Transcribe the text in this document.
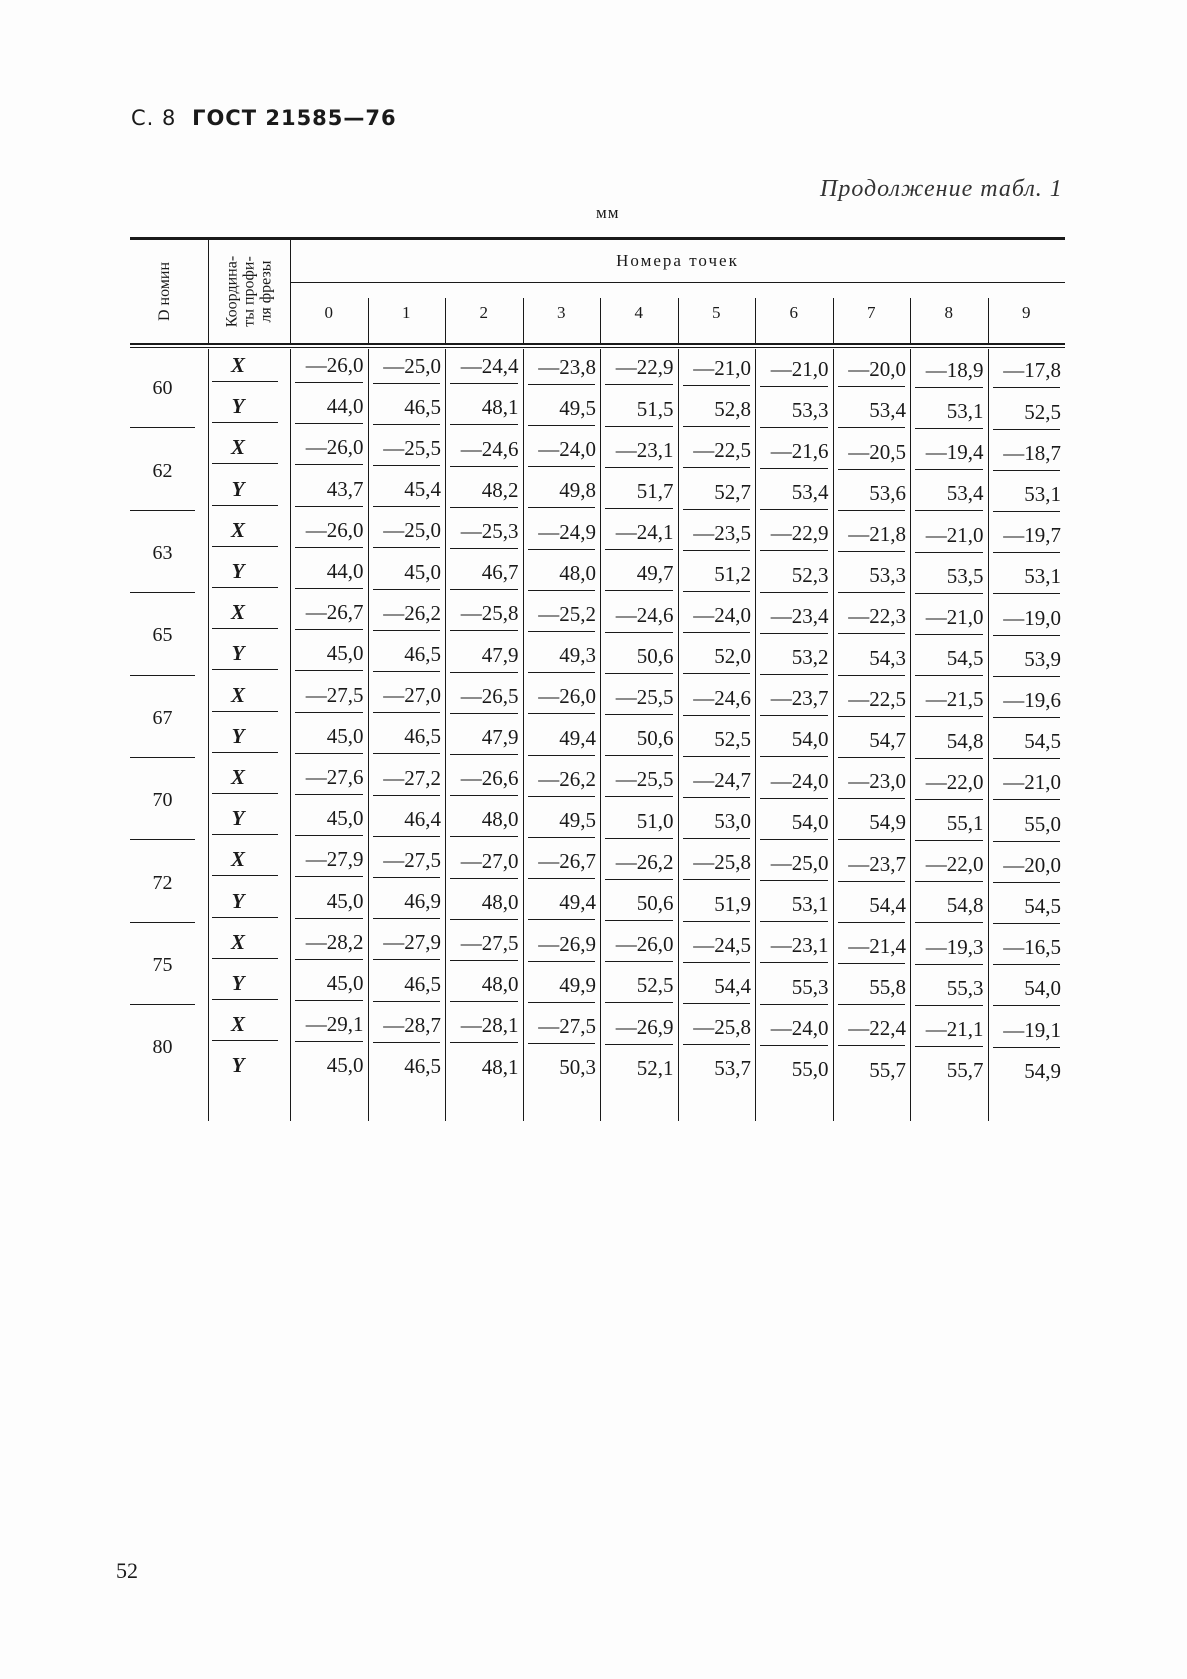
С. 8 ГОСТ 21585—76
Продолжение табл. 1
мм
D номин	Координа-ты профи-ля фрезы	Номера точек
0	1	2	3	4	5	6	7	8	9
60
X	—26,0 —25,0 —24,4 —23,8 —22,9 —21,0 —21,0 —20,0 —18,9 —17,8
Y	44,0	46,5	48,1	49,5	51,5	52,8	53,3	53,4	53,1	52,5
62
X	—26,0 —25,5 —24,6 —24,0 —23,1 —22,5 —21,6 —20,5 —19,4 —18,7
Y	43,7	45,4	48,2	49,8	51,7	52,7	53,4	53,6	53,4	53,1
63
X	—26,0 —25,0 —25,3 —24,9 —24,1 —23,5 —22,9 —21,8 —21,0 —19,7
Y	44,0	45,0	46,7	48,0	49,7	51,2	52,3	53,3	53,5	53,1
65
X	—26,7 —26,2 —25,8 —25,2 —24,6 —24,0 —23,4 —22,3 —21,0 —19,0
Y	45,0	46,5	47,9	49,3	50,6	52,0	53,2	54,3	54,5	53,9
67
X	—27,5 —27,0 —26,5 —26,0 —25,5 —24,6 —23,7 —22,5 —21,5 —19,6
Y	45,0	46,5	47,9	49,4	50,6	52,5	54,0	54,7	54,8	54,5
70
X	—27,6 —27,2 —26,6 —26,2 —25,5 —24,7 —24,0 —23,0 —22,0 —21,0
Y	45,0	46,4	48,0	49,5	51,0	53,0	54,0	54,9	55,1	55,0
72
X	—27,9 —27,5 —27,0 —26,7 —26,2 —25,8 —25,0 —23,7 —22,0 —20,0
Y	45,0	46,9	48,0	49,4	50,6	51,9	53,1	54,4	54,8	54,5
75
X	—28,2 —27,9 —27,5 —26,9 —26,0 —24,5 —23,1 —21,4 —19,3 —16,5
Y	45,0	46,5	48,0	49,9	52,5	54,4	55,3	55,8	55,3	54,0
80
X	—29,1 —28,7 —28,1 —27,5 —26,9 —25,8 —24,0 —22,4 —21,1 —19,1
Y	45,0	46,5	48,1	50,3	52,1	53,7	55,0	55,7	55,7	54,9
52
